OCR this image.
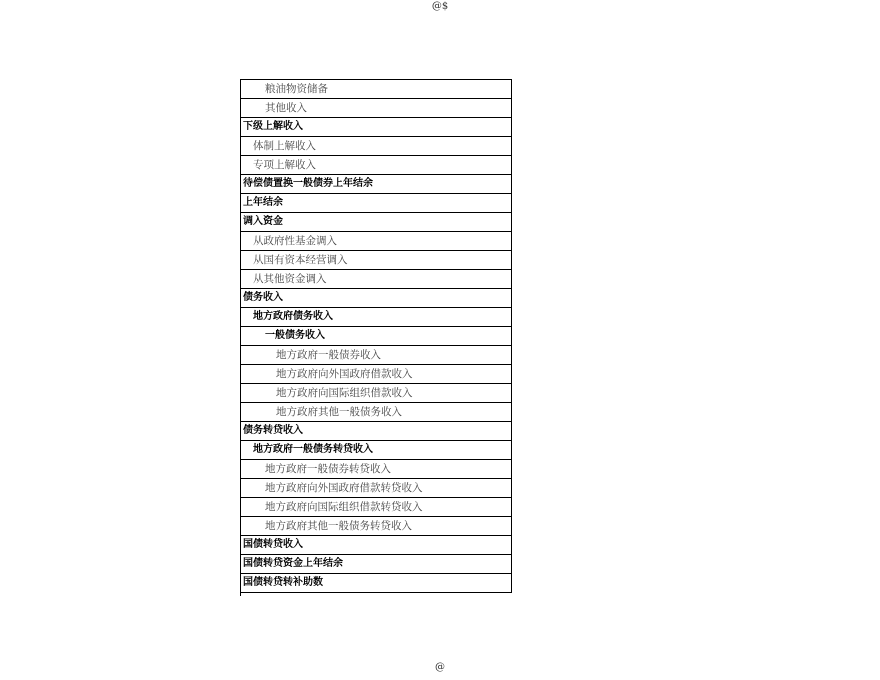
@$
粮油物资储备
其他收入
下级上解收入
体制上解收入
专项上解收入
待偿债置换一般债券上年结余
上年结余
调入资金
从政府性基金调入
从国有资本经营调入
从其他资金调入
债务收入
地方政府债务收入
一般债务收入
地方政府一般债券收入
地方政府向外国政府借款收入
地方政府向国际组织借款收入
地方政府其他一般债务收入
债务转贷收入
地方政府一般债务转贷收入
地方政府一般债券转贷收入
地方政府向外国政府借款转贷收入
地方政府向国际组织借款转贷收入
地方政府其他一般债务转贷收入
国债转贷收入
国债转贷资金上年结余
国债转贷转补助数
@
